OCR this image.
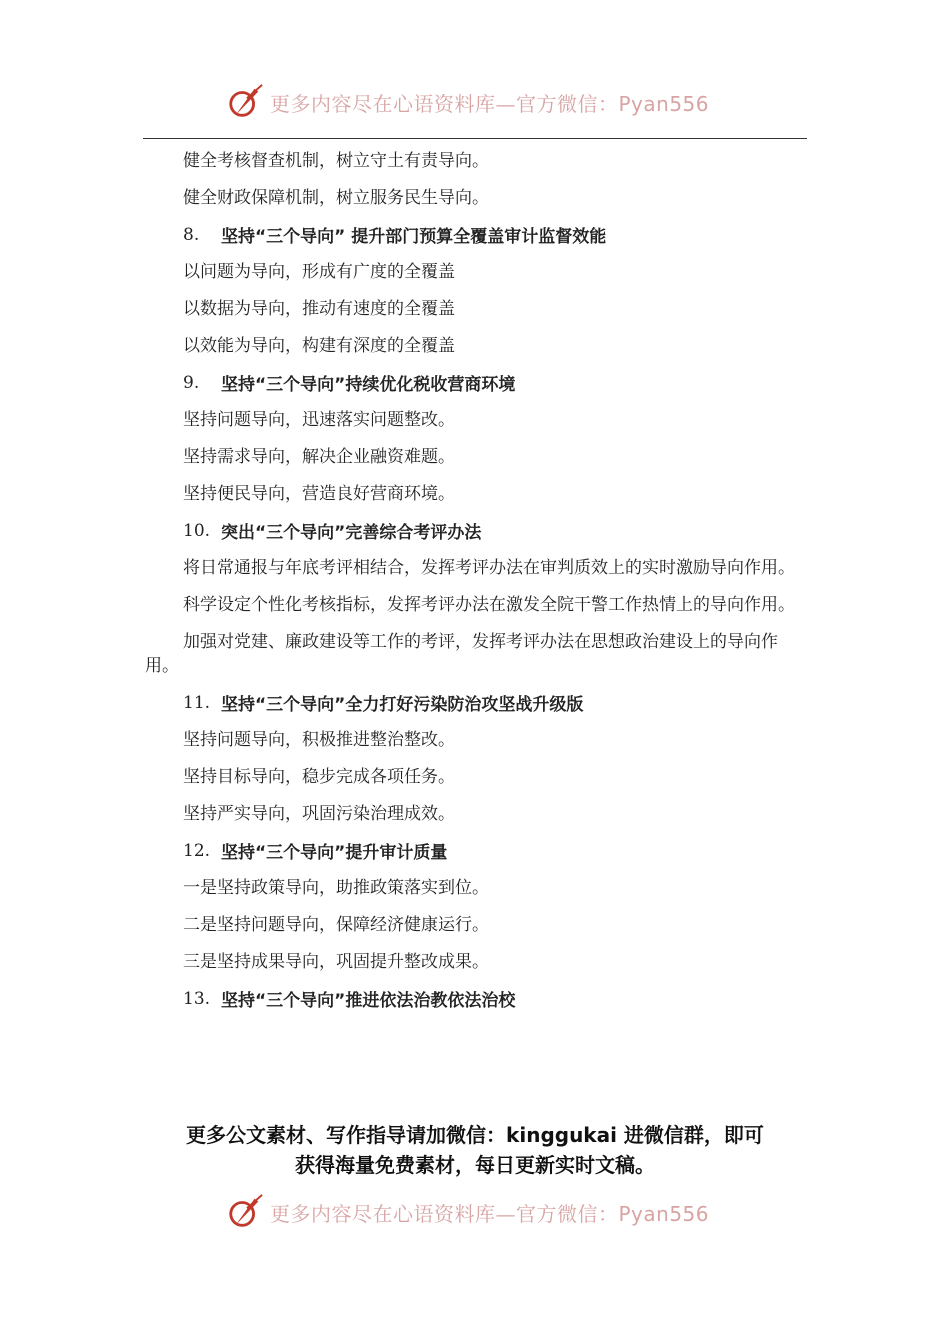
更多内容尽在心语资料库—官方微信：Pyan556

健全考核督查机制，树立守土有责导向。

健全财政保障机制，树立服务民生导向。

8.	坚持“三个导向” 提升部门预算全覆盖审计监督效能

以问题为导向，形成有广度的全覆盖

以数据为导向，推动有速度的全覆盖

以效能为导向，构建有深度的全覆盖

9.	坚持“三个导向”持续优化税收营商环境

坚持问题导向，迅速落实问题整改。

坚持需求导向，解决企业融资难题。

坚持便民导向，营造良好营商环境。

10. 突出“三个导向”完善综合考评办法

将日常通报与年底考评相结合，发挥考评办法在审判质效上的实时激励导向作用。

科学设定个性化考核指标，发挥考评办法在激发全院干警工作热情上的导向作用。

加强对党建、廉政建设等工作的考评，发挥考评办法在思想政治建设上的导向作用。

11. 坚持“三个导向”全力打好污染防治攻坚战升级版

坚持问题导向，积极推进整治整改。

坚持目标导向，稳步完成各项任务。

坚持严实导向，巩固污染治理成效。

12. 坚持“三个导向”提升审计质量

一是坚持政策导向，助推政策落实到位。

二是坚持问题导向，保障经济健康运行。

三是坚持成果导向，巩固提升整改成果。

13. 坚持“三个导向”推进依法治教依法治校
更多公文素材、写作指导请加微信：kinggukai 进微信群，即可
获得海量免费素材，每日更新实时文稿。
更多内容尽在心语资料库—官方微信：Pyan556
